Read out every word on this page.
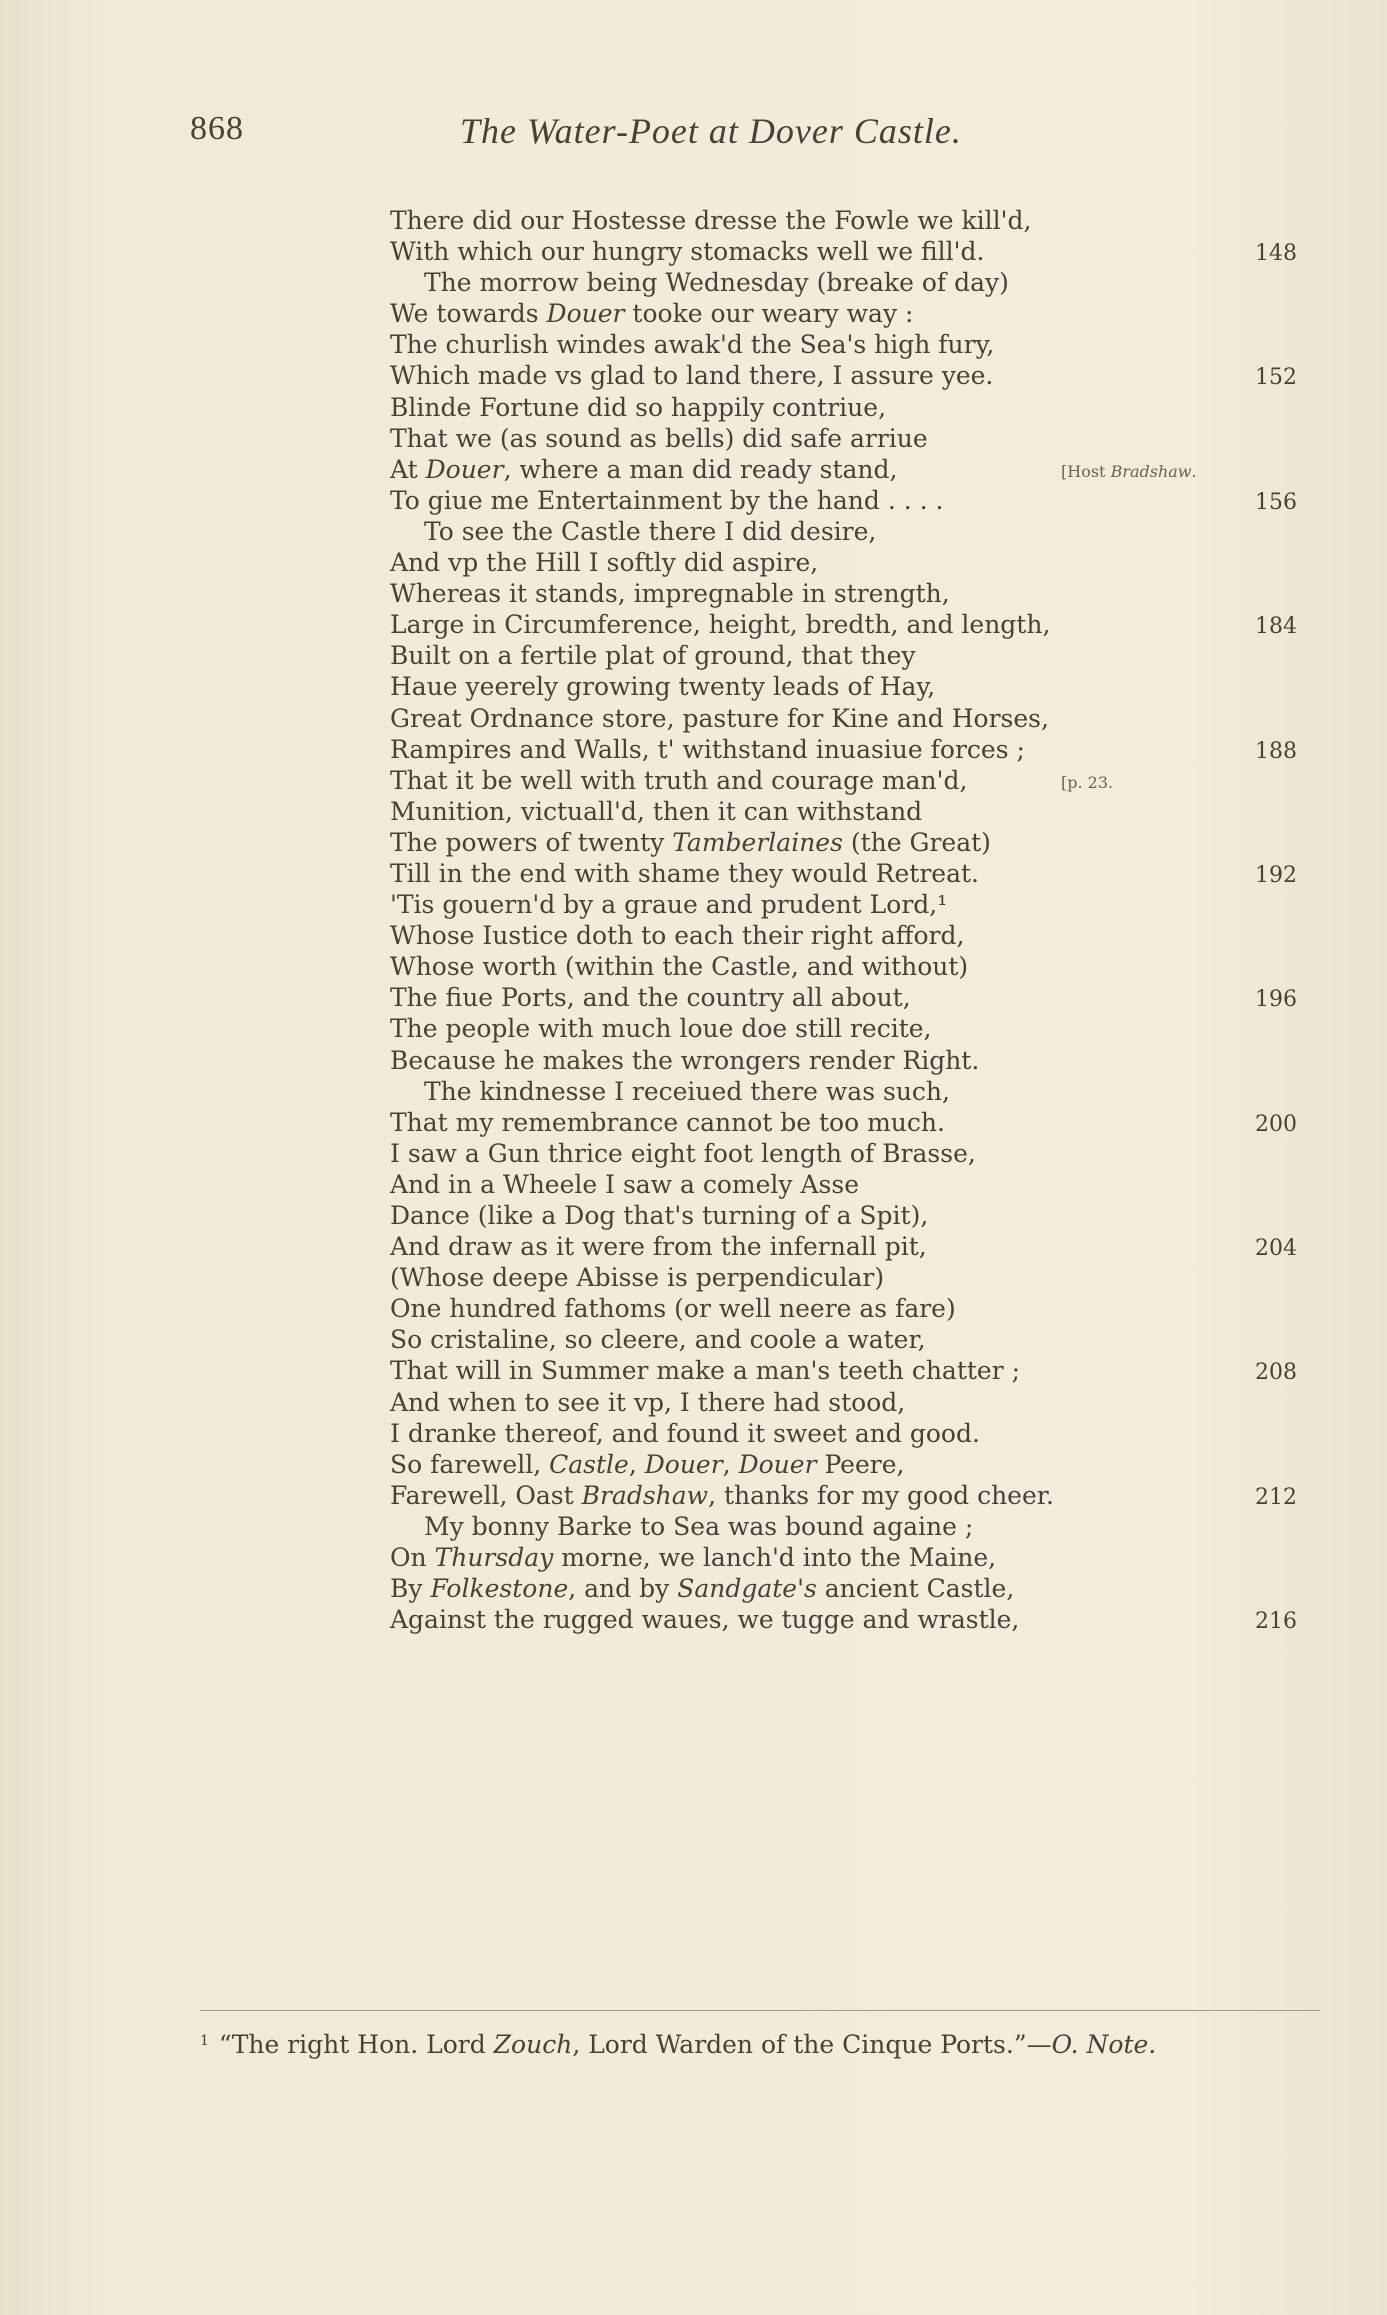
868	The Water-Poet at Dover Castle.
There did our Hostesse dresse the Fowle we kill'd,
With which our hungry stomacks well we fill'd.	148
The morrow being Wednesday (breake of day)
We towards Douer tooke our weary way :
The churlish windes awak'd the Sea's high fury,
Which made vs glad to land there, I assure yee.	152
Blinde Fortune did so happily contriue,
That we (as sound as bells) did safe arriue
At Douer, where a man did ready stand,	[Host Bradshaw.
To giue me Entertainment by the hand . . . .	156
To see the Castle there I did desire,
And vp the Hill I softly did aspire,
Whereas it stands, impregnable in strength,
Large in Circumference, height, bredth, and length,	184
Built on a fertile plat of ground, that they
Haue yeerely growing twenty leads of Hay,
Great Ordnance store, pasture for Kine and Horses,
Rampires and Walls, t' withstand inuasiue forces ;	188
That it be well with truth and courage man'd,	[p. 23.
Munition, victuall'd, then it can withstand
The powers of twenty Tamberlaines (the Great)
Till in the end with shame they would Retreat.	192
'Tis gouern'd by a graue and prudent Lord,¹
Whose Iustice doth to each their right afford,
Whose worth (within the Castle, and without)
The fiue Ports, and the country all about,	196
The people with much loue doe still recite,
Because he makes the wrongers render Right.
The kindnesse I receiued there was such,
That my remembrance cannot be too much.	200
I saw a Gun thrice eight foot length of Brasse,
And in a Wheele I saw a comely Asse
Dance (like a Dog that's turning of a Spit),
And draw as it were from the infernall pit,	204
(Whose deepe Abisse is perpendicular)
One hundred fathoms (or well neere as fare)
So cristaline, so cleere, and coole a water,
That will in Summer make a man's teeth chatter ;	208
And when to see it vp, I there had stood,
I dranke thereof, and found it sweet and good.
So farewell, Castle, Douer, Douer Peere,
Farewell, Oast Bradshaw, thanks for my good cheer.	212
My bonny Barke to Sea was bound againe ;
On Thursday morne, we lanch'd into the Maine,
By Folkestone, and by Sandgate's ancient Castle,
Against the rugged waues, we tugge and wrastle,	216
$^1$ “The right Hon. Lord Zouch, Lord Warden of the Cinque Ports.”—O. Note.
